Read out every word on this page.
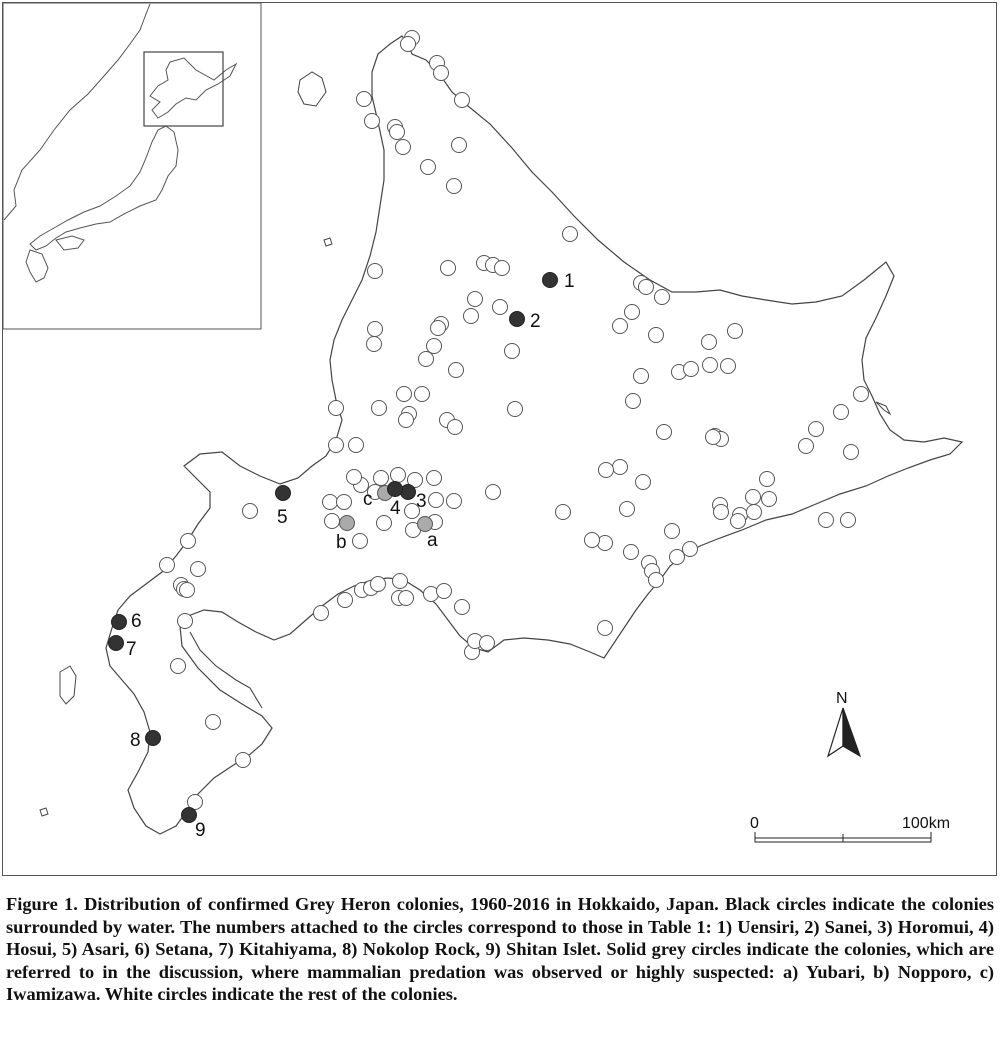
1
2
3
4
5
6
7
8
9
a
b
c
N
0	100km
Figure 1. Distribution of confirmed Grey Heron colonies, 1960-2016 in Hokkaido, Japan. Black circles indicate the colonies surrounded by water. The numbers attached to the circles correspond to those in Table 1: 1) Uensiri, 2) Sanei, 3) Horomui, 4) Hosui, 5) Asari, 6) Setana, 7) Kitahiyama, 8) Nokolop Rock, 9) Shitan Islet. Solid grey circles indicate the colonies, which are referred to in the discussion, where mammalian predation was observed or highly suspected: a) Yubari, b) Nopporo, c) Iwamizawa. White circles indicate the rest of the colonies.
